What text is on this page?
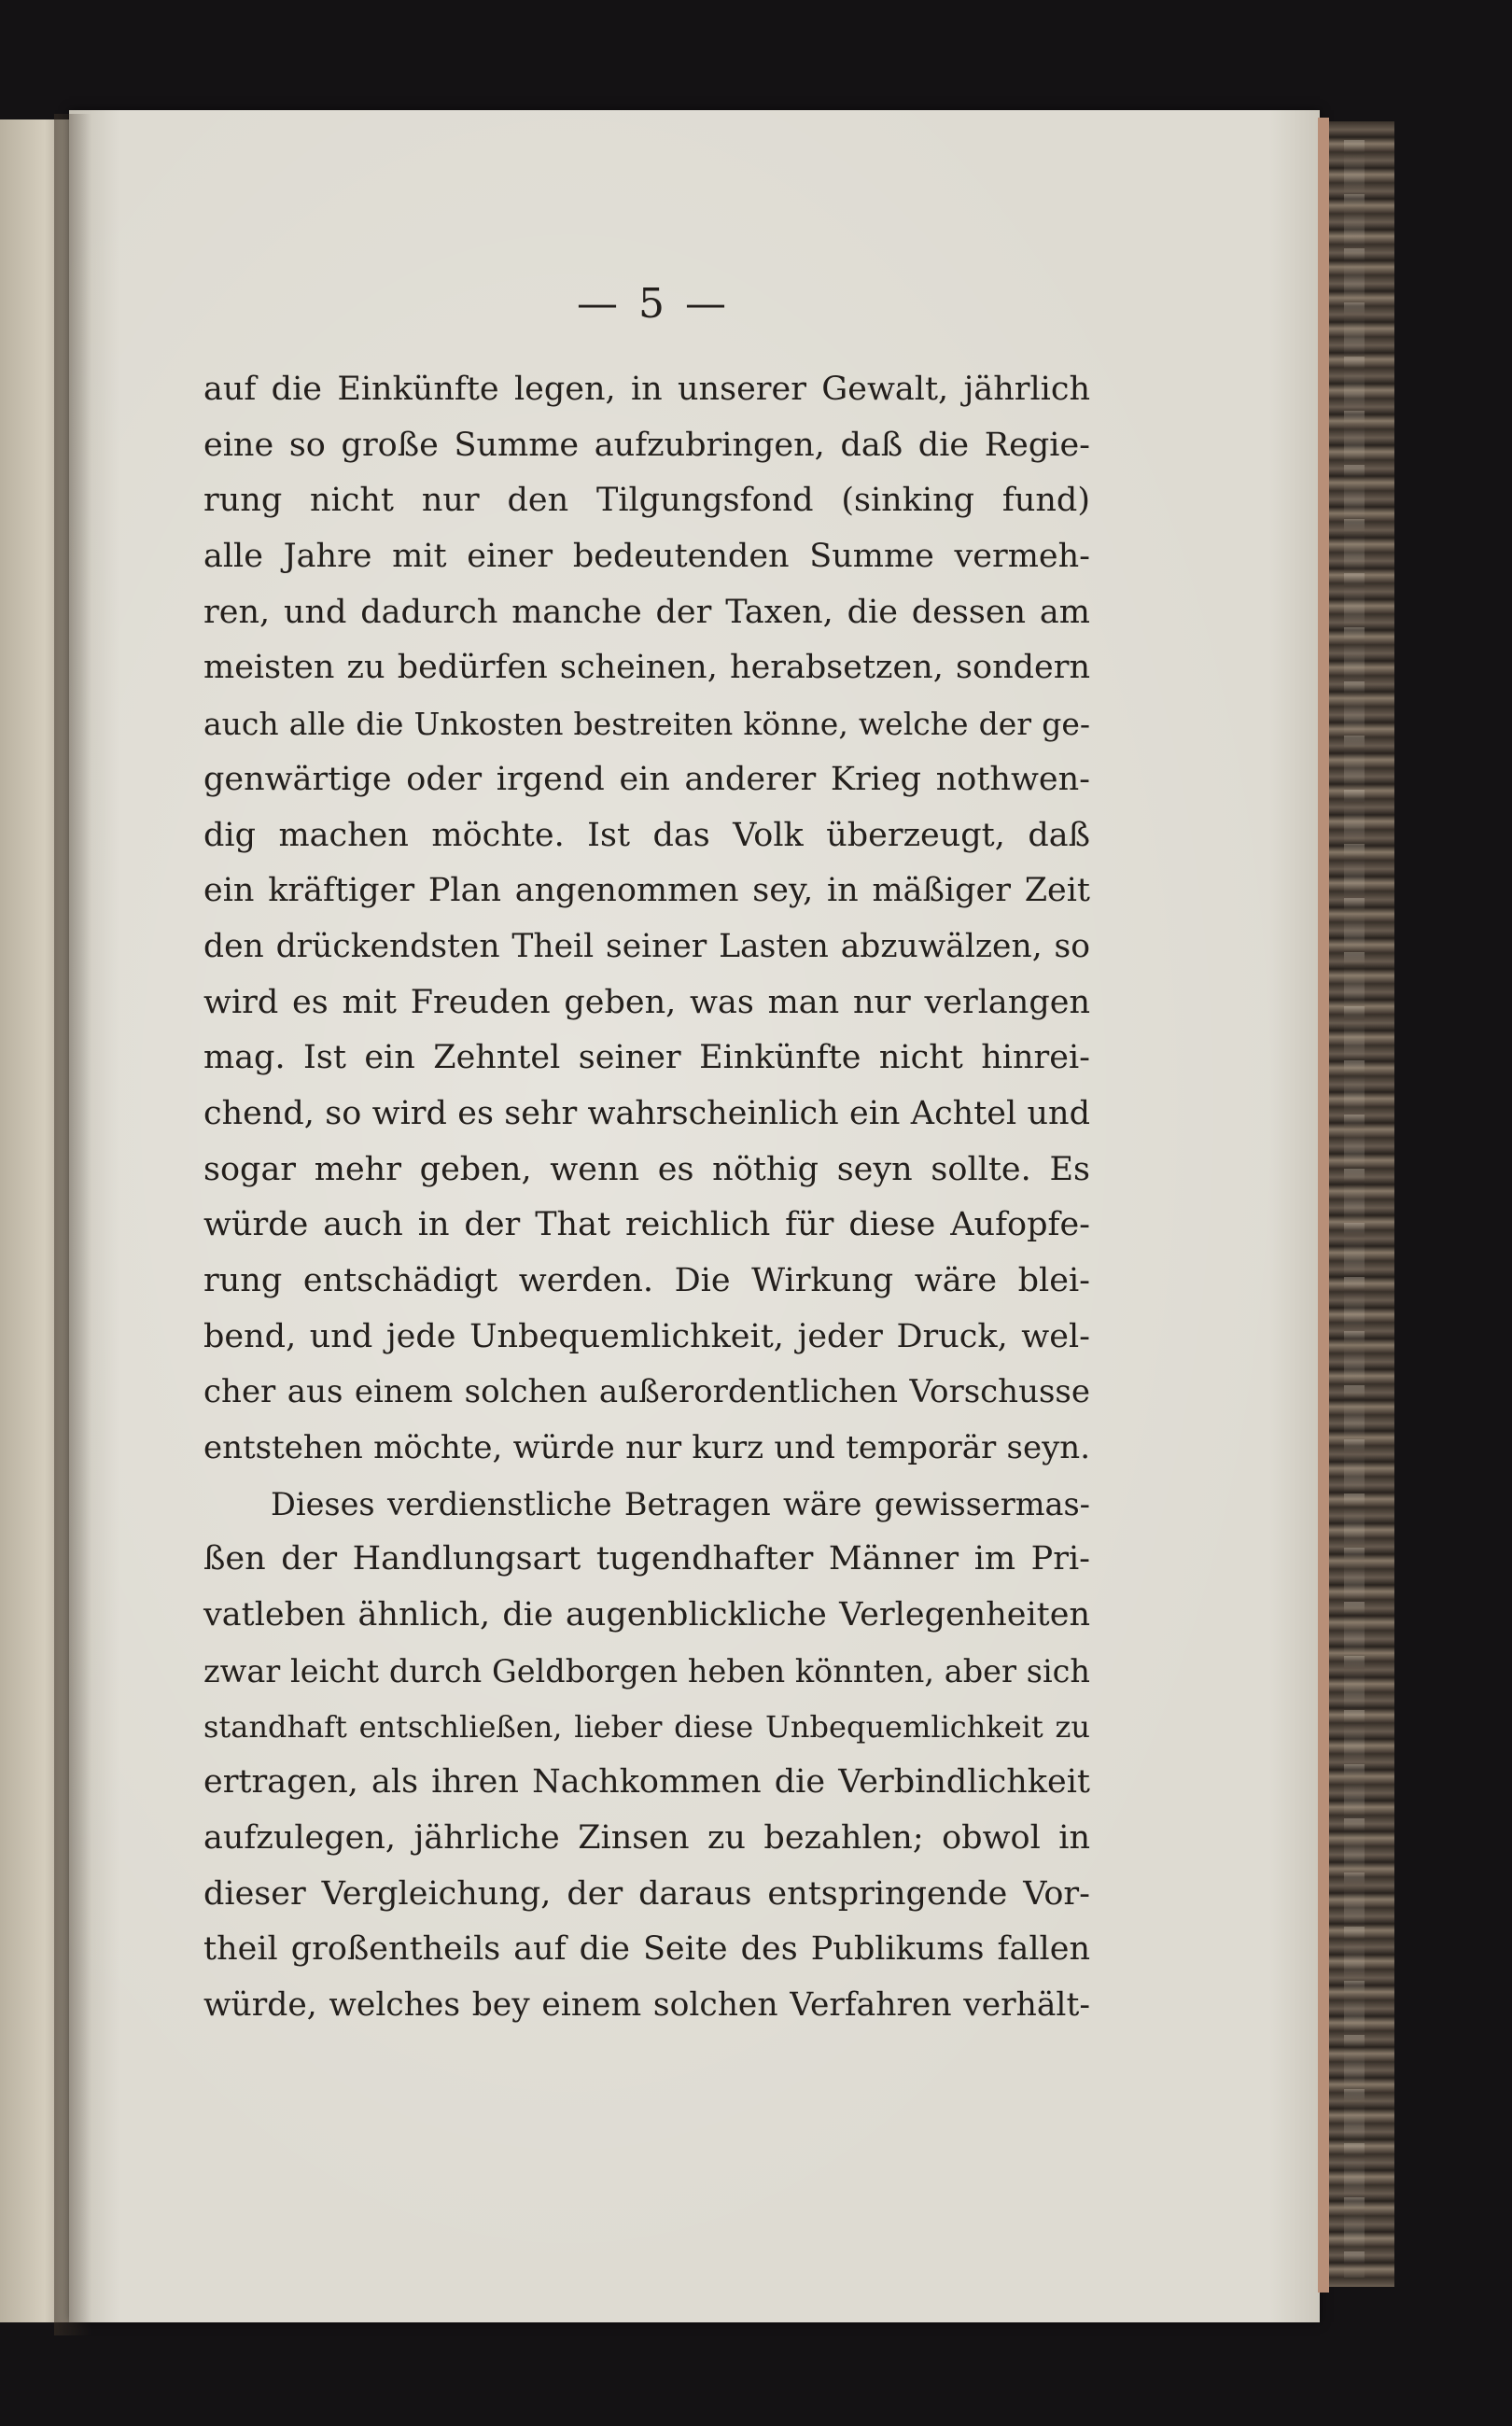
— 5 —
auf die Einkünfte legen, in unserer Gewalt, jährlich
eine so große Summe aufzubringen, daß die Regie-
rung nicht nur den Tilgungsfond (sinking fund)
alle Jahre mit einer bedeutenden Summe vermeh-
ren, und dadurch manche der Taxen, die dessen am
meisten zu bedürfen scheinen, herabsetzen, sondern
auch alle die Unkosten bestreiten könne, welche der ge-
genwärtige oder irgend ein anderer Krieg nothwen-
dig machen möchte. Ist das Volk überzeugt, daß
ein kräftiger Plan angenommen sey, in mäßiger Zeit
den drückendsten Theil seiner Lasten abzuwälzen, so
wird es mit Freuden geben, was man nur verlangen
mag. Ist ein Zehntel seiner Einkünfte nicht hinrei-
chend, so wird es sehr wahrscheinlich ein Achtel und
sogar mehr geben, wenn es nöthig seyn sollte. Es
würde auch in der That reichlich für diese Aufopfe-
rung entschädigt werden. Die Wirkung wäre blei-
bend, und jede Unbequemlichkeit, jeder Druck, wel-
cher aus einem solchen außerordentlichen Vorschusse
entstehen möchte, würde nur kurz und temporär seyn.
Dieses verdienstliche Betragen wäre gewissermas-
ßen der Handlungsart tugendhafter Männer im Pri-
vatleben ähnlich, die augenblickliche Verlegenheiten
zwar leicht durch Geldborgen heben könnten, aber sich
standhaft entschließen, lieber diese Unbequemlichkeit zu
ertragen, als ihren Nachkommen die Verbindlichkeit
aufzulegen, jährliche Zinsen zu bezahlen; obwol in
dieser Vergleichung, der daraus entspringende Vor-
theil großentheils auf die Seite des Publikums fallen
würde, welches bey einem solchen Verfahren verhält-
